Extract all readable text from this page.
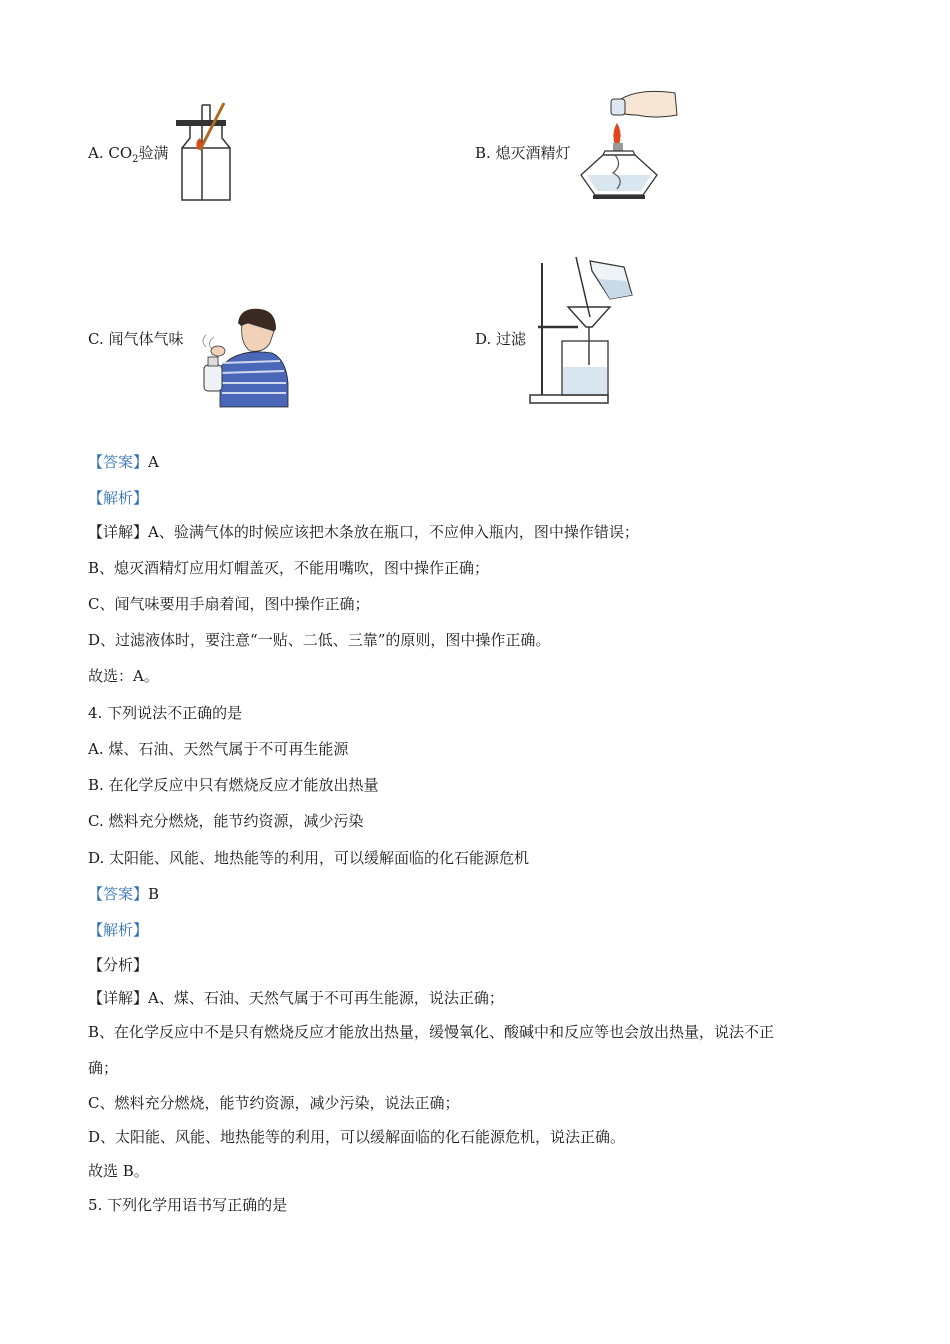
A. $CO_2$验满	B. 熄灭酒精灯
C. 闻气体气味	D. 过滤
【答案】A
【解析】
【详解】A、验满气体的时候应该把木条放在瓶口，不应伸入瓶内，图中操作错误；
B、熄灭酒精灯应用灯帽盖灭，不能用嘴吹，图中操作正确；
C、闻气味要用手扇着闻，图中操作正确；
D、过滤液体时，要注意“一贴、二低、三靠”的原则，图中操作正确。
故选：A。
4. 下列说法不正确的是
A. 煤、石油、天然气属于不可再生能源
B. 在化学反应中只有燃烧反应才能放出热量
C. 燃料充分燃烧，能节约资源，减少污染
D. 太阳能、风能、地热能等的利用，可以缓解面临的化石能源危机
【答案】B
【解析】
【分析】
【详解】A、煤、石油、天然气属于不可再生能源，说法正确；
B、在化学反应中不是只有燃烧反应才能放出热量，缓慢氧化、酸碱中和反应等也会放出热量，说法不正
确；
C、燃料充分燃烧，能节约资源，减少污染，说法正确；
D、太阳能、风能、地热能等的利用，可以缓解面临的化石能源危机，说法正确。
故选 B。
5. 下列化学用语书写正确的是
